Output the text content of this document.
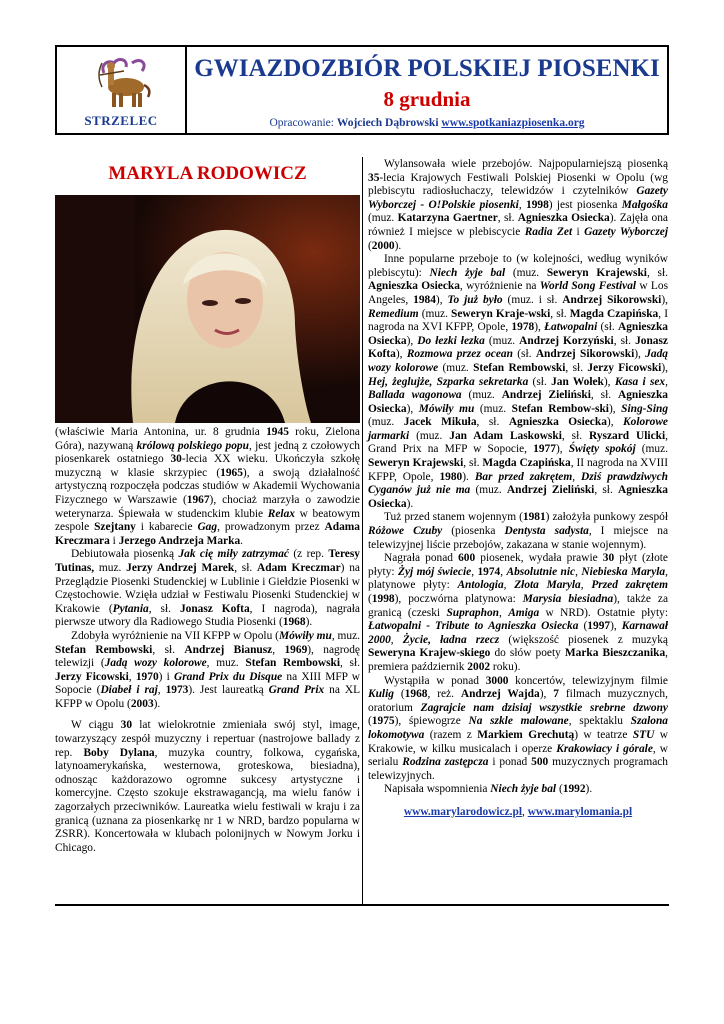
STRZELEC
GWIAZDOZBIÓR POLSKIEJ PIOSENKI
8 grudnia
Opracowanie: Wojciech Dąbrowski www.spotkaniazpiosenka.org
MARYLA RODOWICZ

(właściwie Maria Antonina, ur. 8 grudnia 1945 roku, Zielona Góra), nazywaną królową polskiego popu, jest jedną z czołowych piosenkarek ostatniego 30-lecia XX wieku. Ukończyła szkołę muzyczną w klasie skrzypiec (1965), a swoją działalność artystyczną rozpoczęła podczas studiów w Akademii Wychowania Fizycznego w Warszawie (1967), chociaż marzyła o zawodzie weterynarza. Śpiewała w studenckim klubie Relax w beatowym zespole Szejtany i kabarecie Gag, prowadzonym przez Adama Kreczmara i Jerzego Andrzeja Marka.

Debiutowała piosenką Jak cię miły zatrzymać (z rep. Teresy Tutinas, muz. Jerzy Andrzej Marek, sł. Adam Kreczmar) na Przeglądzie Piosenki Studenckiej w Lublinie i Giełdzie Piosenki w Częstochowie. Wzięła udział w Festiwalu Piosenki Studenckiej w Krakowie (Pytania, sł. Jonasz Kofta, I nagroda), nagrała pierwsze utwory dla Radiowego Studia Piosenki (1968).

Zdobyła wyróżnienie na VII KFPP w Opolu (Mówiły mu, muz. Stefan Rembowski, sł. Andrzej Bianusz, 1969), nagrodę telewizji (Jadą wozy kolorowe, muz. Stefan Rembowski, sł. Jerzy Ficowski, 1970) i Grand Prix du Disque na XIII MFP w Sopocie (Diabeł i raj, 1973). Jest laureatką Grand Prix na XL KFPP w Opolu (2003).

W ciągu 30 lat wielokrotnie zmieniała swój styl, image, towarzyszący zespół muzyczny i repertuar (nastrojowe ballady z rep. Boby Dylana, muzyka country, folkowa, cygańska, latynoamerykańska, westernowa, groteskowa, biesiadna), odnosząc każdorazowo ogromne sukcesy artystyczne i komercyjne. Często szokuje ekstrawagancją, ma wielu fanów i zagorzałych przeciwników. Laureatka wielu festiwali w kraju i za granicą (uznana za piosenkarkę nr 1 w NRD, bardzo popularna w ZSRR). Koncertowała w klubach polonijnych w Nowym Jorku i Chicago.

Wylansowała wiele przebojów. Najpopularniejszą piosenką 35-lecia Krajowych Festiwali Polskiej Piosenki w Opolu (wg plebiscytu radiosłuchaczy, telewidzów i czytelników Gazety Wyborczej - O!Polskie piosenki, 1998) jest piosenka Małgośka (muz. Katarzyna Gaertner, sł. Agnieszka Osiecka). Zajęła ona również I miejsce w plebiscycie Radia Zet i Gazety Wyborczej (2000).

Inne popularne przeboje to (w kolejności, według wyników plebiscytu): Niech żyje bal (muz. Seweryn Krajewski, sł. Agnieszka Osiecka, wyróżnienie na World Song Festival w Los Angeles, 1984), To już było (muz. i sł. Andrzej Sikorowski), Remedium (muz. Seweryn Kraje-wski, sł. Magda Czapińska, I nagroda na XVI KFPP, Opole, 1978), Łatwopalni (sł. Agnieszka Osiecka), Do łezki łezka (muz. Andrzej Korzyński, sł. Jonasz Kofta), Rozmowa przez ocean (sł. Andrzej Sikorowski), Jadą wozy kolorowe (muz. Stefan Rembowski, sł. Jerzy Ficowski), Hej, żeglujże, Szparka sekretarka (sł. Jan Wołek), Kasa i sex, Ballada wagonowa (muz. Andrzej Zieliński, sł. Agnieszka Osiecka), Mówiły mu (muz. Stefan Rembow-ski), Sing-Sing (muz. Jacek Mikuła, sł. Agnieszka Osiecka), Kolorowe jarmarki (muz. Jan Adam Laskowski, sł. Ryszard Ulicki, Grand Prix na MFP w Sopocie, 1977), Święty spokój (muz. Seweryn Krajewski, sł. Magda Czapińska, II nagroda na XVIII KFPP, Opole, 1980). Bar przed zakrętem, Dziś prawdziwych Cyganów już nie ma (muz. Andrzej Zieliński, sł. Agnieszka Osiecka).

Tuż przed stanem wojennym (1981) założyła punkowy zespół Różowe Czuby (piosenka Dentysta sadysta, I miejsce na telewizyjnej liście przebojów, zakazana w stanie wojennym).

Nagrała ponad 600 piosenek, wydała prawie 30 płyt (złote płyty: Żyj mój świecie, 1974, Absolutnie nic, Niebieska Maryla, platynowe płyty: Antologia, Złota Maryla, Przed zakrętem (1998), poczwórna platynowa: Marysia biesiadna), także za granicą (czeski Supraphon, Amiga w NRD). Ostatnie płyty: Łatwopalni - Tribute to Agnieszka Osiecka (1997), Karnawał 2000, Życie, ładna rzecz (większość piosenek z muzyką Seweryna Krajew-skiego do słów poety Marka Bieszczanika, premiera październik 2002 roku).

Wystąpiła w ponad 3000 koncertów, telewizyjnym filmie Kulig (1968, reż. Andrzej Wajda), 7 filmach muzycznych, oratorium Zagrajcie nam dzisiaj wszystkie srebrne dzwony (1975), śpiewogrze Na szkle malowane, spektaklu Szalona lokomotywa (razem z Markiem Grechutą) w teatrze STU w Krakowie, w kilku musicalach i operze Krakowiacy i górale, w serialu Rodzina zastępcza i ponad 500 muzycznych programach telewizyjnych.

Napisała wspomnienia Niech żyje bal (1992).

www.marylarodowicz.pl, www.marylomania.pl
